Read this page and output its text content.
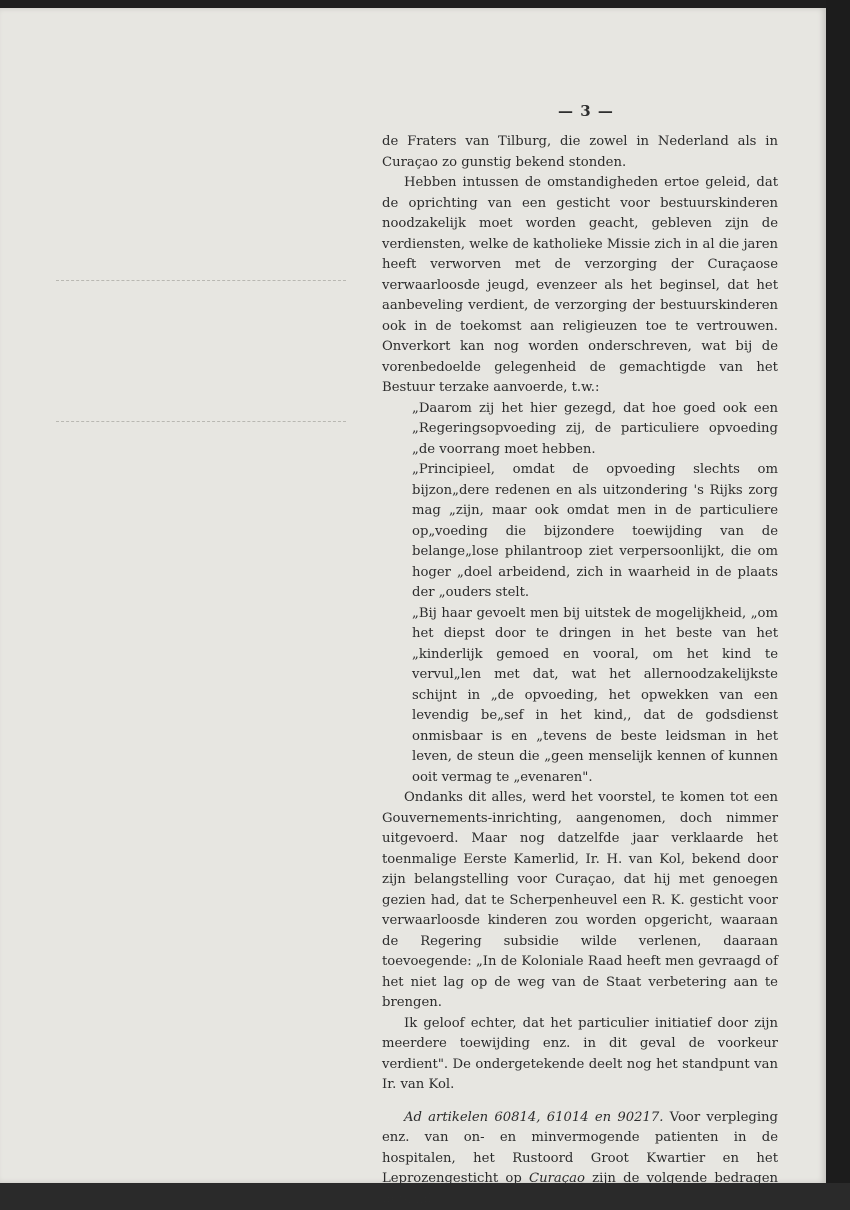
— 3 —

de Fraters van Tilburg, die zowel in Nederland als in Curaçao zo gunstig bekend stonden.

Hebben intussen de omstandigheden ertoe geleid, dat de oprichting van een gesticht voor bestuurskinderen noodzakelijk moet worden geacht, gebleven zijn de verdiensten, welke de katholieke Missie zich in al die jaren heeft verworven met de verzorging der Curaçaose verwaarloosde jeugd, evenzeer als het beginsel, dat het aanbeveling verdient, de verzorging der bestuurskinderen ook in de toekomst aan religieuzen toe te vertrouwen. Onverkort kan nog worden onderschreven, wat bij de vorenbedoelde gelegenheid de gemachtigde van het Bestuur terzake aanvoerde, t.w.:

„Daarom zij het hier gezegd, dat hoe goed ook een „Regeringsopvoeding zij, de particuliere opvoeding „de voorrang moet hebben.

„Principieel, omdat de opvoeding slechts om bijzon„dere redenen en als uitzondering 's Rijks zorg mag „zijn, maar ook omdat men in de particuliere op„voeding die bijzondere toewijding van de belange„lose philantroop ziet verpersoonlijkt, die om hoger „doel arbeidend, zich in waarheid in de plaats der „ouders stelt.

„Bij haar gevoelt men bij uitstek de mogelijkheid, „om het diepst door te dringen in het beste van het „kinderlijk gemoed en vooral, om het kind te vervul„len met dat, wat het allernoodzakelijkste schijnt in „de opvoeding, het opwekken van een levendig be„sef in het kind,, dat de godsdienst onmisbaar is en „tevens de beste leidsman in het leven, de steun die „geen menselijk kennen of kunnen ooit vermag te „evenaren".

Ondanks dit alles, werd het voorstel, te komen tot een Gouvernements-inrichting, aangenomen, doch nimmer uitgevoerd. Maar nog datzelfde jaar verklaarde het toenmalige Eerste Kamerlid, Ir. H. van Kol, bekend door zijn belangstelling voor Curaçao, dat hij met genoegen gezien had, dat te Scherpenheuvel een R. K. gesticht voor verwaarloosde kinderen zou worden opgericht, waaraan de Regering subsidie wilde verlenen, daaraan toevoegende: „In de Koloniale Raad heeft men gevraagd of het niet lag op de weg van de Staat verbetering aan te brengen.

Ik geloof echter, dat het particulier initiatief door zijn meerdere toewijding enz. in dit geval de voorkeur verdient". De ondergetekende deelt nog het standpunt van Ir. van Kol.

Ad artikelen 60814, 61014 en 90217. Voor verpleging enz. van on- en minvermogende patienten in de hospitalen, het Rustoord Groot Kwartier en het Leprozengesticht op Curaçao zijn de volgende bedragen betaald:
